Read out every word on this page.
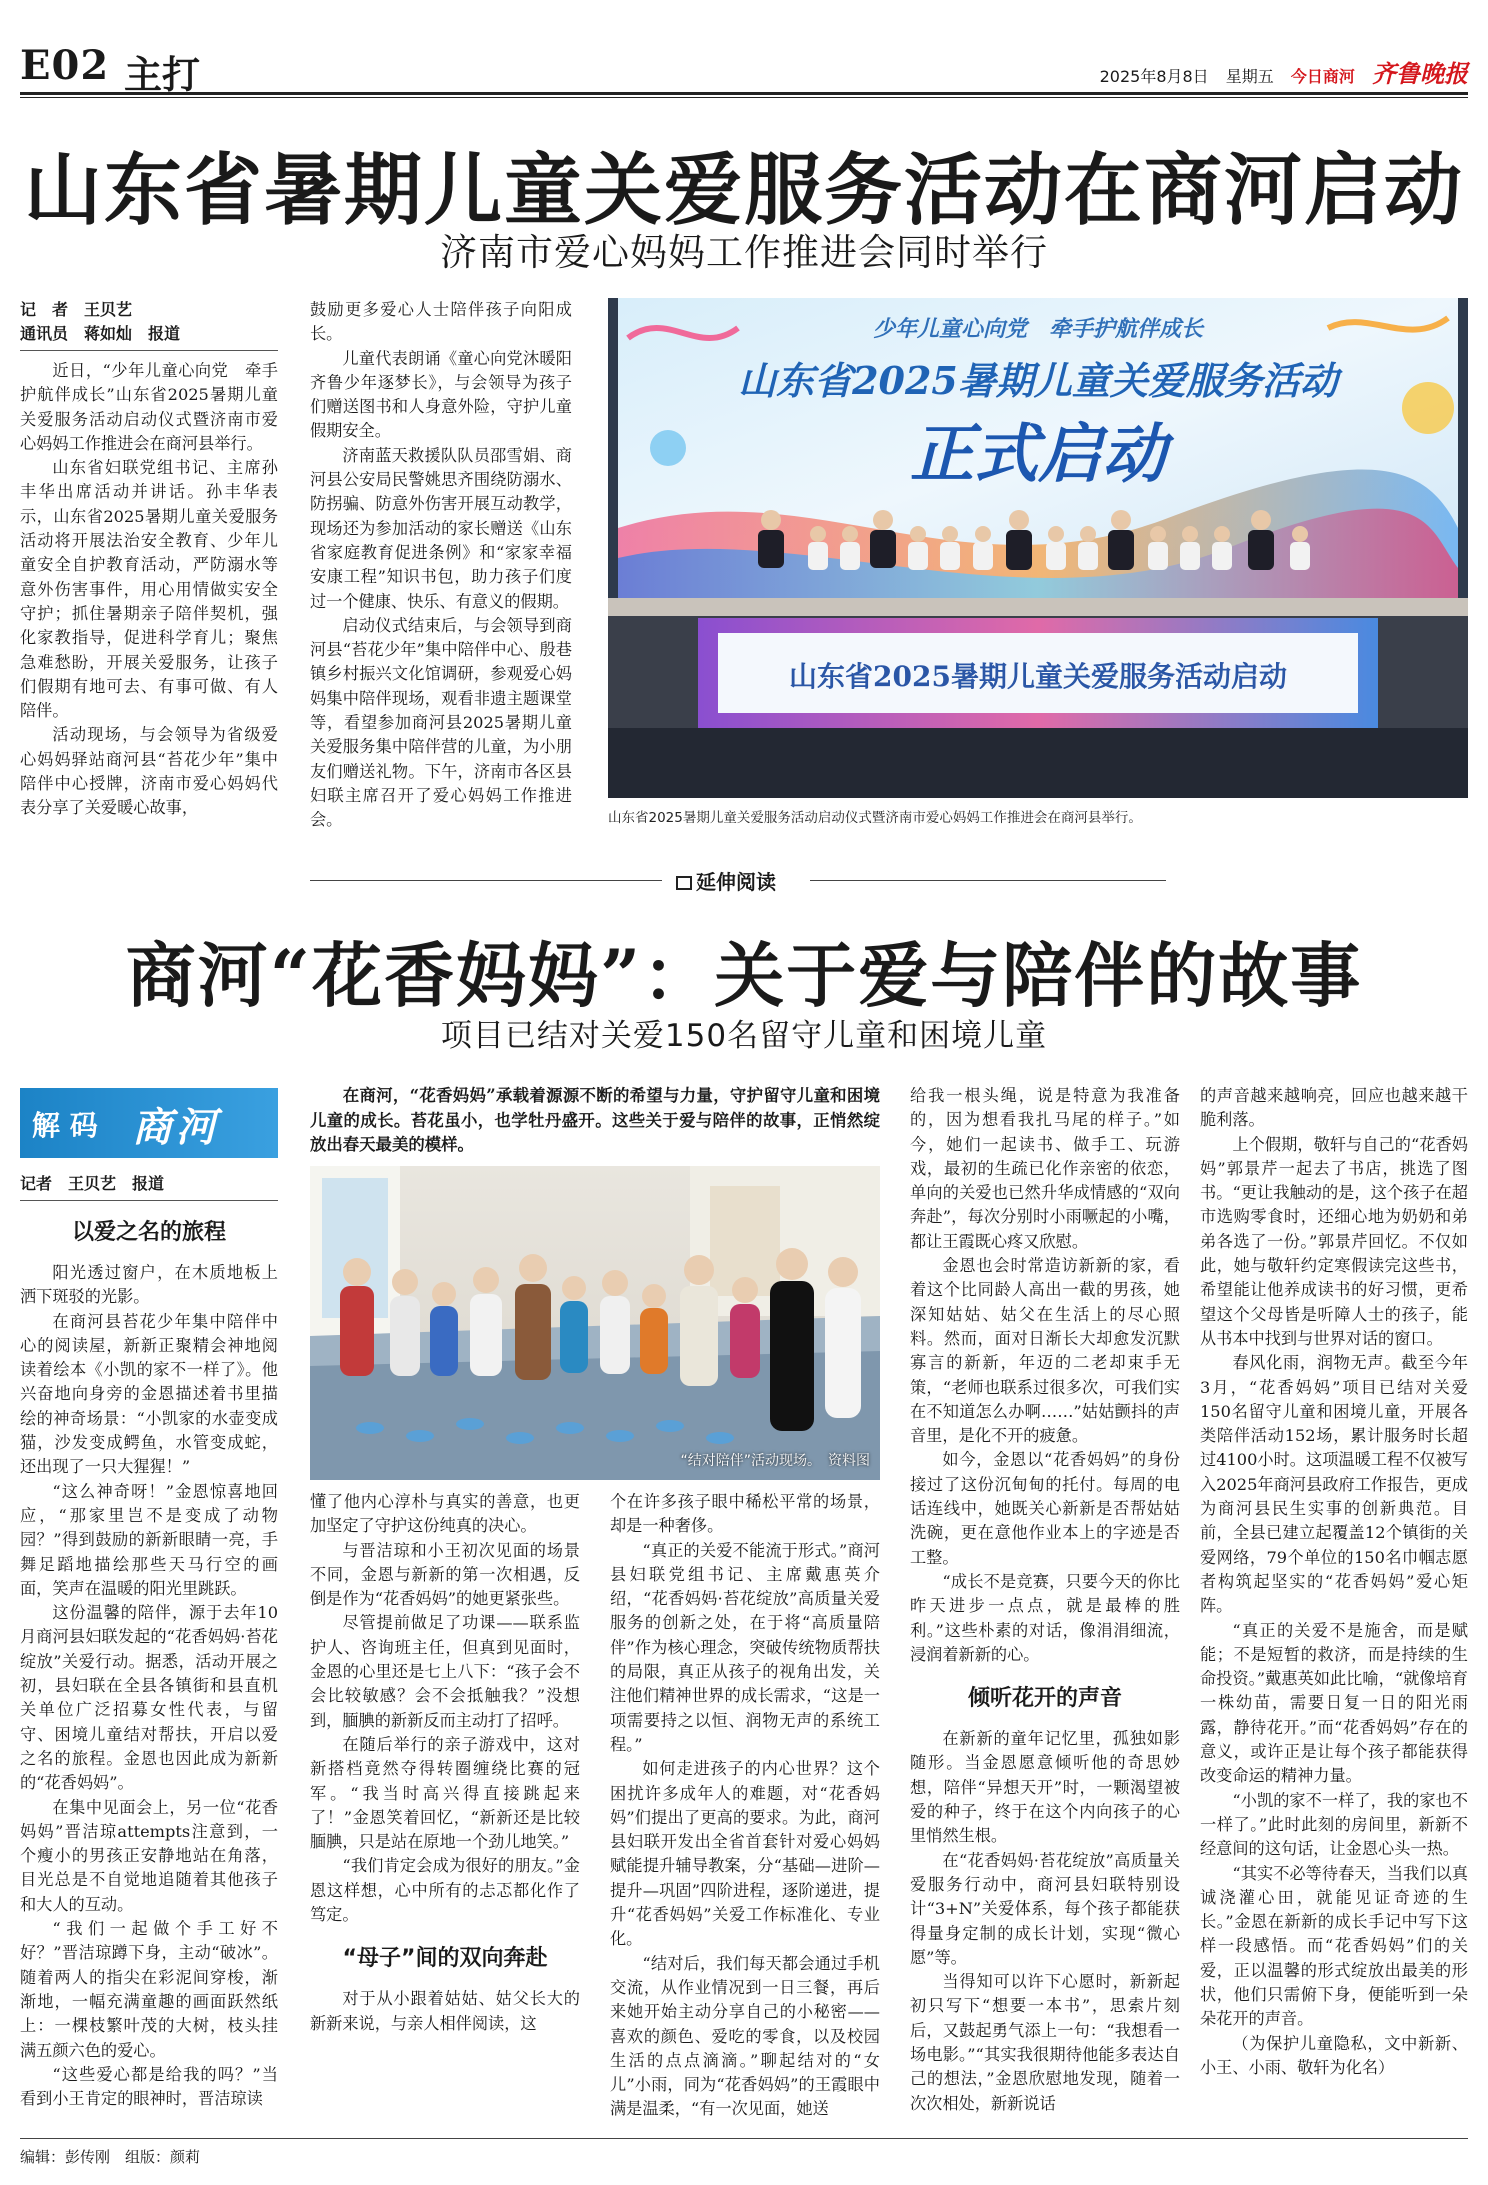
E02 主打	2025年8月8日 星期五 今日商河 齐鲁晚报
山东省暑期儿童关爱服务活动在商河启动
济南市爱心妈妈工作推进会同时举行
记　者　王贝艺
通讯员　蒋如灿　报道

近日，“少年儿童心向党　牵手护航伴成长”山东省2025暑期儿童关爱服务活动启动仪式暨济南市爱心妈妈工作推进会在商河县举行。

山东省妇联党组书记、主席孙丰华出席活动并讲话。孙丰华表示，山东省2025暑期儿童关爱服务活动将开展法治安全教育、少年儿童安全自护教育活动，严防溺水等意外伤害事件，用心用情做实安全守护；抓住暑期亲子陪伴契机，强化家教指导，促进科学育儿；聚焦急难愁盼，开展关爱服务，让孩子们假期有地可去、有事可做、有人陪伴。

活动现场，与会领导为省级爱心妈妈驿站商河县“苔花少年”集中陪伴中心授牌，济南市爱心妈妈代表分享了关爱暖心故事，

鼓励更多爱心人士陪伴孩子向阳成长。

儿童代表朗诵《童心向党沐暖阳　齐鲁少年逐梦长》，与会领导为孩子们赠送图书和人身意外险，守护儿童假期安全。

济南蓝天救援队队员邵雪娟、商河县公安局民警姚思齐围绕防溺水、防拐骗、防意外伤害开展互动教学，现场还为参加活动的家长赠送《山东省家庭教育促进条例》和“家家幸福安康工程”知识书包，助力孩子们度过一个健康、快乐、有意义的假期。

启动仪式结束后，与会领导到商河县“苔花少年”集中陪伴中心、殷巷镇乡村振兴文化馆调研，参观爱心妈妈集中陪伴现场，观看非遗主题课堂等，看望参加商河县2025暑期儿童关爱服务集中陪伴营的儿童，为小朋友们赠送礼物。下午，济南市各区县妇联主席召开了爱心妈妈工作推进会。

少年儿童心向党　牵手护航伴成长
山东省2025暑期儿童关爱服务活动
正式启动
山东省2025暑期儿童关爱服务活动启动
山东省2025暑期儿童关爱服务活动启动仪式暨济南市爱心妈妈工作推进会在商河县举行。
延伸阅读
商河“花香妈妈”：关于爱与陪伴的故事
项目已结对关爱150名留守儿童和困境儿童
解 码 商河
记者　王贝艺　报道
以爱之名的旅程

阳光透过窗户，在木质地板上洒下斑驳的光影。

在商河县苔花少年集中陪伴中心的阅读屋，新新正聚精会神地阅读着绘本《小凯的家不一样了》。他兴奋地向身旁的金恩描述着书里描绘的神奇场景：“小凯家的水壶变成猫，沙发变成鳄鱼，水管变成蛇，还出现了一只大猩猩！”

“这么神奇呀！”金恩惊喜地回应，“那家里岂不是变成了动物园？”得到鼓励的新新眼睛一亮，手舞足蹈地描绘那些天马行空的画面，笑声在温暖的阳光里跳跃。

这份温馨的陪伴，源于去年10月商河县妇联发起的“花香妈妈·苔花绽放”关爱行动。据悉，活动开展之初，县妇联在全县各镇街和县直机关单位广泛招募女性代表，与留守、困境儿童结对帮扶，开启以爱之名的旅程。金恩也因此成为新新的“花香妈妈”。

在集中见面会上，另一位“花香妈妈”晋洁琼attempts注意到，一个瘦小的男孩正安静地站在角落，目光总是不自觉地追随着其他孩子和大人的互动。

“我们一起做个手工好不好？”晋洁琼蹲下身，主动“破冰”。随着两人的指尖在彩泥间穿梭，渐渐地，一幅充满童趣的画面跃然纸上：一棵枝繁叶茂的大树，枝头挂满五颜六色的爱心。

“这些爱心都是给我的吗？”当看到小王肯定的眼神时，晋洁琼读

在商河，“花香妈妈”承载着源源不断的希望与力量，守护留守儿童和困境儿童的成长。苔花虽小，也学牡丹盛开。这些关于爱与陪伴的故事，正悄然绽放出春天最美的模样。
“结对陪伴”活动现场。　资料图

懂了他内心淳朴与真实的善意，也更加坚定了守护这份纯真的决心。

与晋洁琼和小王初次见面的场景不同，金恩与新新的第一次相遇，反倒是作为“花香妈妈”的她更紧张些。

尽管提前做足了功课——联系监护人、咨询班主任，但真到见面时，金恩的心里还是七上八下：“孩子会不会比较敏感？会不会抵触我？”没想到，腼腆的新新反而主动打了招呼。

在随后举行的亲子游戏中，这对新搭档竟然夺得转圈缠绕比赛的冠军。“我当时高兴得直接跳起来了！”金恩笑着回忆，“新新还是比较腼腆，只是站在原地一个劲儿地笑。”

“我们肯定会成为很好的朋友。”金恩这样想，心中所有的忐忑都化作了笃定。

“母子”间的双向奔赴

对于从小跟着姑姑、姑父长大的新新来说，与亲人相伴阅读，这

个在许多孩子眼中稀松平常的场景，却是一种奢侈。

“真正的关爱不能流于形式。”商河县妇联党组书记、主席戴惠英介绍，“花香妈妈·苔花绽放”高质量关爱服务的创新之处，在于将“高质量陪伴”作为核心理念，突破传统物质帮扶的局限，真正从孩子的视角出发，关注他们精神世界的成长需求，“这是一项需要持之以恒、润物无声的系统工程。”

如何走进孩子的内心世界？这个困扰许多成年人的难题，对“花香妈妈”们提出了更高的要求。为此，商河县妇联开发出全省首套针对爱心妈妈赋能提升辅导教案，分“基础—进阶—提升—巩固”四阶进程，逐阶递进，提升“花香妈妈”关爱工作标准化、专业化。

“结对后，我们每天都会通过手机交流，从作业情况到一日三餐，再后来她开始主动分享自己的小秘密——喜欢的颜色、爱吃的零食，以及校园生活的点点滴滴。”聊起结对的“女儿”小雨，同为“花香妈妈”的王霞眼中满是温柔，“有一次见面，她送

给我一根头绳，说是特意为我准备的，因为想看我扎马尾的样子。”如今，她们一起读书、做手工、玩游戏，最初的生疏已化作亲密的依恋，单向的关爱也已然升华成情感的“双向奔赴”，每次分别时小雨噘起的小嘴，都让王霞既心疼又欣慰。

金恩也会时常造访新新的家，看着这个比同龄人高出一截的男孩，她深知姑姑、姑父在生活上的尽心照料。然而，面对日渐长大却愈发沉默寡言的新新，年迈的二老却束手无策，“老师也联系过很多次，可我们实在不知道怎么办啊……”姑姑颤抖的声音里，是化不开的疲惫。

如今，金恩以“花香妈妈”的身份接过了这份沉甸甸的托付。每周的电话连线中，她既关心新新是否帮姑姑洗碗，更在意他作业本上的字迹是否工整。

“成长不是竞赛，只要今天的你比昨天进步一点点，就是最棒的胜利。”这些朴素的对话，像涓涓细流，浸润着新新的心。

倾听花开的声音

在新新的童年记忆里，孤独如影随形。当金恩愿意倾听他的奇思妙想，陪伴“异想天开”时，一颗渴望被爱的种子，终于在这个内向孩子的心里悄然生根。

在“花香妈妈·苔花绽放”高质量关爱服务行动中，商河县妇联特别设计“3+N”关爱体系，每个孩子都能获得量身定制的成长计划，实现“微心愿”等。

当得知可以许下心愿时，新新起初只写下“想要一本书”，思索片刻后，又鼓起勇气添上一句：“我想看一场电影。”“其实我很期待他能多表达自己的想法，”金恩欣慰地发现，随着一次次相处，新新说话

的声音越来越响亮，回应也越来越干脆利落。

上个假期，敬轩与自己的“花香妈妈”郭景芹一起去了书店，挑选了图书。“更让我触动的是，这个孩子在超市选购零食时，还细心地为奶奶和弟弟各选了一份。”郭景芹回忆。不仅如此，她与敬轩约定寒假读完这些书，希望能让他养成读书的好习惯，更希望这个父母皆是听障人士的孩子，能从书本中找到与世界对话的窗口。

春风化雨，润物无声。截至今年3月，“花香妈妈”项目已结对关爱150名留守儿童和困境儿童，开展各类陪伴活动152场，累计服务时长超过4100小时。这项温暖工程不仅被写入2025年商河县政府工作报告，更成为商河县民生实事的创新典范。目前，全县已建立起覆盖12个镇街的关爱网络，79个单位的150名巾帼志愿者构筑起坚实的“花香妈妈”爱心矩阵。

“真正的关爱不是施舍，而是赋能；不是短暂的救济，而是持续的生命投资。”戴惠英如此比喻，“就像培育一株幼苗，需要日复一日的阳光雨露，静待花开。”而“花香妈妈”存在的意义，或许正是让每个孩子都能获得改变命运的精神力量。

“小凯的家不一样了，我的家也不一样了。”此时此刻的房间里，新新不经意间的这句话，让金恩心头一热。

“其实不必等待春天，当我们以真诚浇灌心田，就能见证奇迹的生长。”金恩在新新的成长手记中写下这样一段感悟。而“花香妈妈”们的关爱，正以温馨的形式绽放出最美的形状，他们只需俯下身，便能听到一朵朵花开的声音。

（为保护儿童隐私，文中新新、小王、小雨、敬轩为化名）

编辑：彭传刚　组版：颜莉
